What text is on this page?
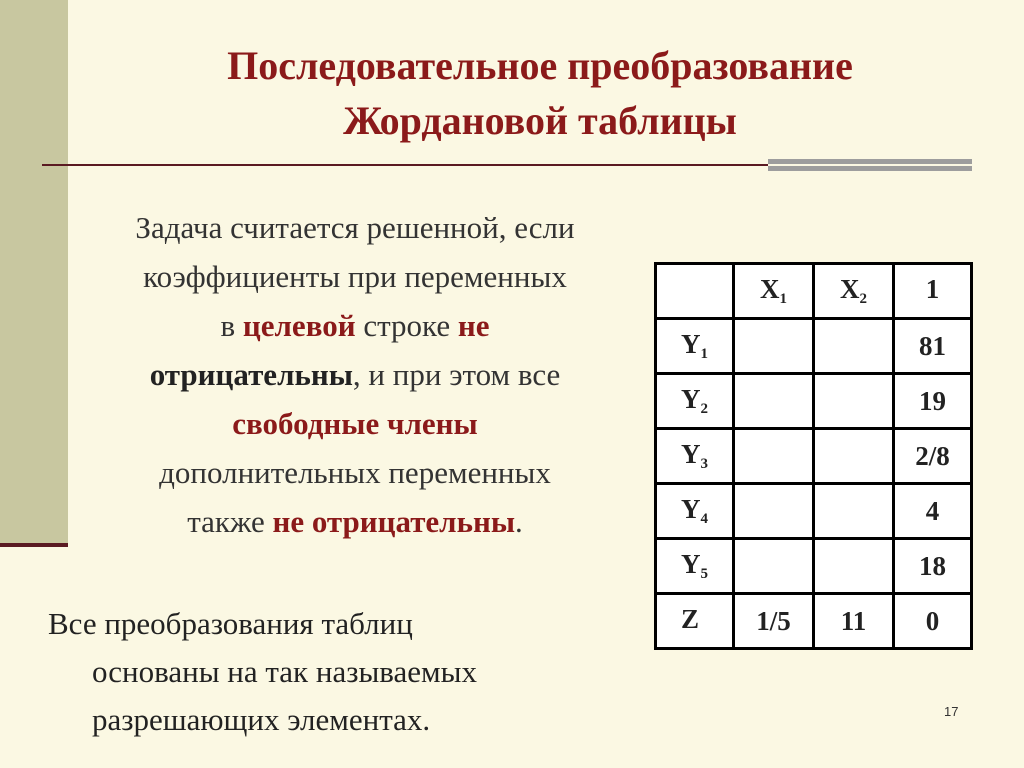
Последовательное преобразование
Жордановой таблицы
Задача считается решенной, если
коэффициенты при переменных
в целевой строке не
отрицательны, и при этом все
свободные члены
дополнительных переменных
также не отрицательны.
Все преобразования таблиц
основаны на так называемых
разрешающих элементах.
	$X_1$	$X_2$	1
$Y_1$			81
$Y_2$			19
$Y_3$			2/8
$Y_4$			4
$Y_5$			18
Z	1/5	11	0
17
